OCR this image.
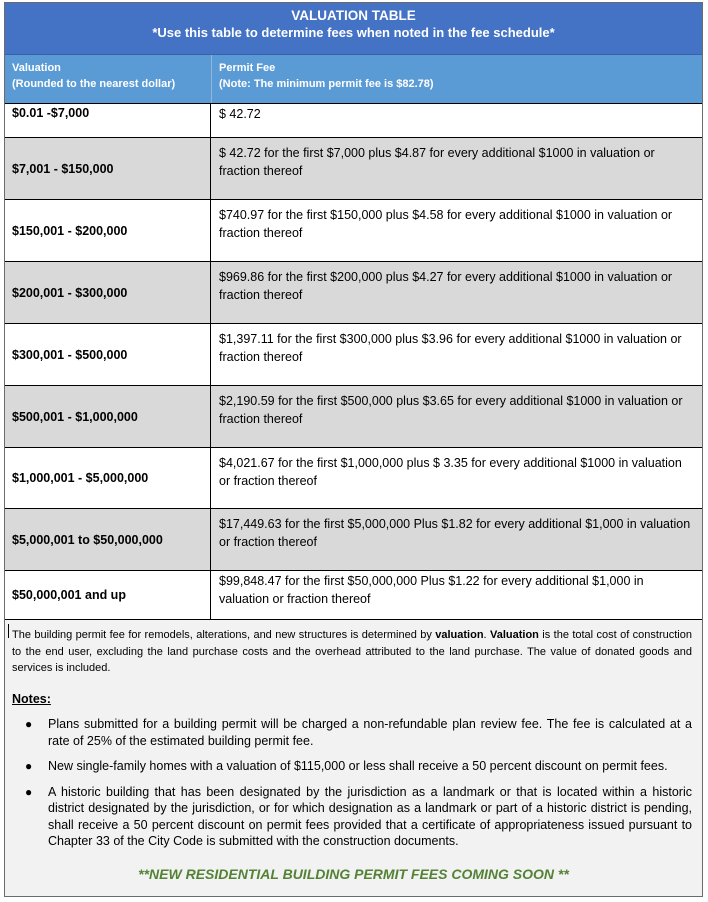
VALUATION TABLE
*Use this table to determine fees when noted in the fee schedule*
Valuation
(Rounded to the nearest dollar)
Permit Fee
(Note: The minimum permit fee is $82.78)
$0.01 -$7,000	$ 42.72
$7,001 - $150,000
$ 42.72 for the first $7,000 plus $4.87 for every additional $1000 in valuation or fraction thereof
$150,001 - $200,000
$740.97 for the first $150,000 plus $4.58 for every additional $1000 in valuation or fraction thereof
$200,001 - $300,000
$969.86 for the first $200,000 plus $4.27 for every additional $1000 in valuation or fraction thereof
$300,001 - $500,000
$1,397.11 for the first $300,000 plus $3.96 for every additional $1000 in valuation or fraction thereof
$500,001 - $1,000,000
$2,190.59 for the first $500,000 plus $3.65 for every additional $1000 in valuation or fraction thereof
$1,000,001 - $5,000,000
$4,021.67 for the first $1,000,000 plus $ 3.35 for every additional $1000 in valuation or fraction thereof
$5,000,001 to $50,000,000
$17,449.63 for the first $5,000,000 Plus $1.82 for every additional $1,000 in valuation or fraction thereof
$50,000,001 and up
$99,848.47 for the first $50,000,000 Plus $1.22 for every additional $1,000 in valuation or fraction thereof
The building permit fee for remodels, alterations, and new structures is determined by valuation. Valuation is the total cost of construction to the end user, excluding the land purchase costs and the overhead attributed to the land purchase. The value of donated goods and services is included.
Notes:
● Plans submitted for a building permit will be charged a non-refundable plan review fee. The fee is calculated at a rate of 25% of the estimated building permit fee.
● New single-family homes with a valuation of $115,000 or less shall receive a 50 percent discount on permit fees.
● A historic building that has been designated by the jurisdiction as a landmark or that is located within a historic district designated by the jurisdiction, or for which designation as a landmark or part of a historic district is pending, shall receive a 50 percent discount on permit fees provided that a certificate of appropriateness issued pursuant to Chapter 33 of the City Code is submitted with the construction documents.
**NEW RESIDENTIAL BUILDING PERMIT FEES COMING SOON **
